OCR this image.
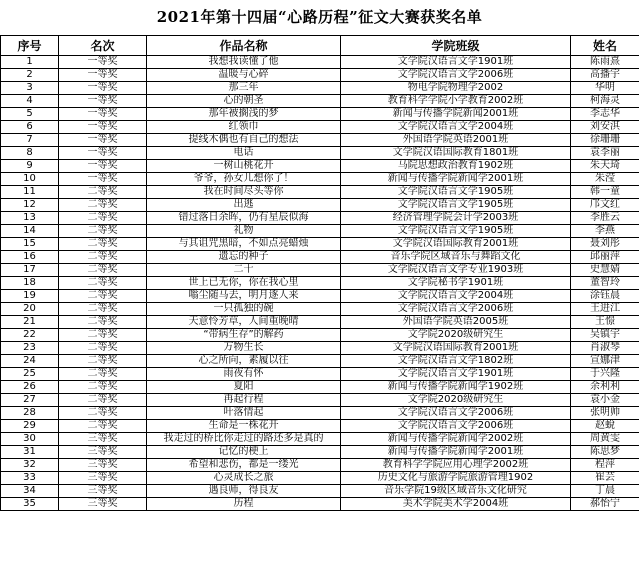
2021年第十四届“心路历程”征文大赛获奖名单
序号	名次	作品名称	学院班级	姓名
1	一等奖	我想我读懂了他	文学院汉语言文学1901班	陈雨熹
2	一等奖	温暖与心碎	文学院汉语言文学2006班	高播宇
3	一等奖	那三年	物电学院物理学2002	华明
4	一等奖	心的朝圣	教育科学学院小学教育2002班	柯海灵
5	一等奖	那年被搁浅的梦	新闻与传播学院新闻2001班	李志华
6	一等奖	红领巾	文学院汉语言文学2004班	刘安淇
7	一等奖	提线木偶也有自己的想法	外国语学院英语2001班	徐珊珊
8	一等奖	电话	文学院汉语国际教育1801班	袁李丽
9	一等奖	一树山桃花开	马院思想政治教育1902班	朱天琦
10	一等奖	爷爷，孙女儿想你了！	新闻与传播学院新闻学2001班	朱滢
11	二等奖	我在时间尽头等你	文学院汉语言文学1905班	韩一童
12	二等奖	出逃	文学院汉语言文学1905班	邝文红
13	二等奖	错过落日余晖，仍有星辰似海	经济管理学院会计学2003班	李胜云
14	二等奖	礼物	文学院汉语言文学1905班	李燕
15	二等奖	与其诅咒黑暗，不如点亮蜡烛	文学院汉语国际教育2001班	聂刘彤
16	二等奖	遗忘的种子	音乐学院区域音乐与舞蹈文化	邱丽萍
17	二等奖	二十	文学院汉语言文学专业1903班	史慧婧
18	二等奖	世上已无你，你在我心里	文学院秘书学1901班	董智玲
19	二等奖	嗡尘随马去，明月逐人来	文学院汉语言文学2004班	涂钰晨
20	二等奖	一只孤独的碗	文学院汉语言文学2006班	王进江
21	二等奖	天意怜芳草，人间重晚晴	外国语学院英语2005班	王憬
22	二等奖	“带病生存”的解药	文学院2020级研究生	吴镇宇
23	二等奖	万物生长	文学院汉语国际教育2001班	肖淑琴
24	二等奖	心之所向，素履以往	文学院汉语言文学1802班	宣娜津
25	二等奖	雨夜有怀	文学院汉语言文学1901班	于兴隆
26	二等奖	夏阳	新闻与传播学院新闻学1902班	余利利
27	二等奖	再起行程	文学院2020级研究生	袁小金
28	二等奖	叶落情起	文学院汉语言文学2006班	张明帅
29	二等奖	生命是一株花开	文学院汉语言文学2006班	赵蛻
30	三等奖	我走过的桥比你走过的路还多是真的	新闻与传播学院新闻学2002班	周黄雯
31	三等奖	记忆的梗上	新闻与传播学院新闻学2001班	陈思梦
32	三等奖	希望和悲伤，都是一缕光	教育科学学院应用心理学2002班	程萍
33	三等奖	心灵成长之旅	历史文化与旅游学院旅游管理1902	崔芸
34	三等奖	遇良师，得良友	音乐学院19级区域音乐文化研究	丁晨
35	三等奖	历程	美术学院美术学2004班	郝怡宁
